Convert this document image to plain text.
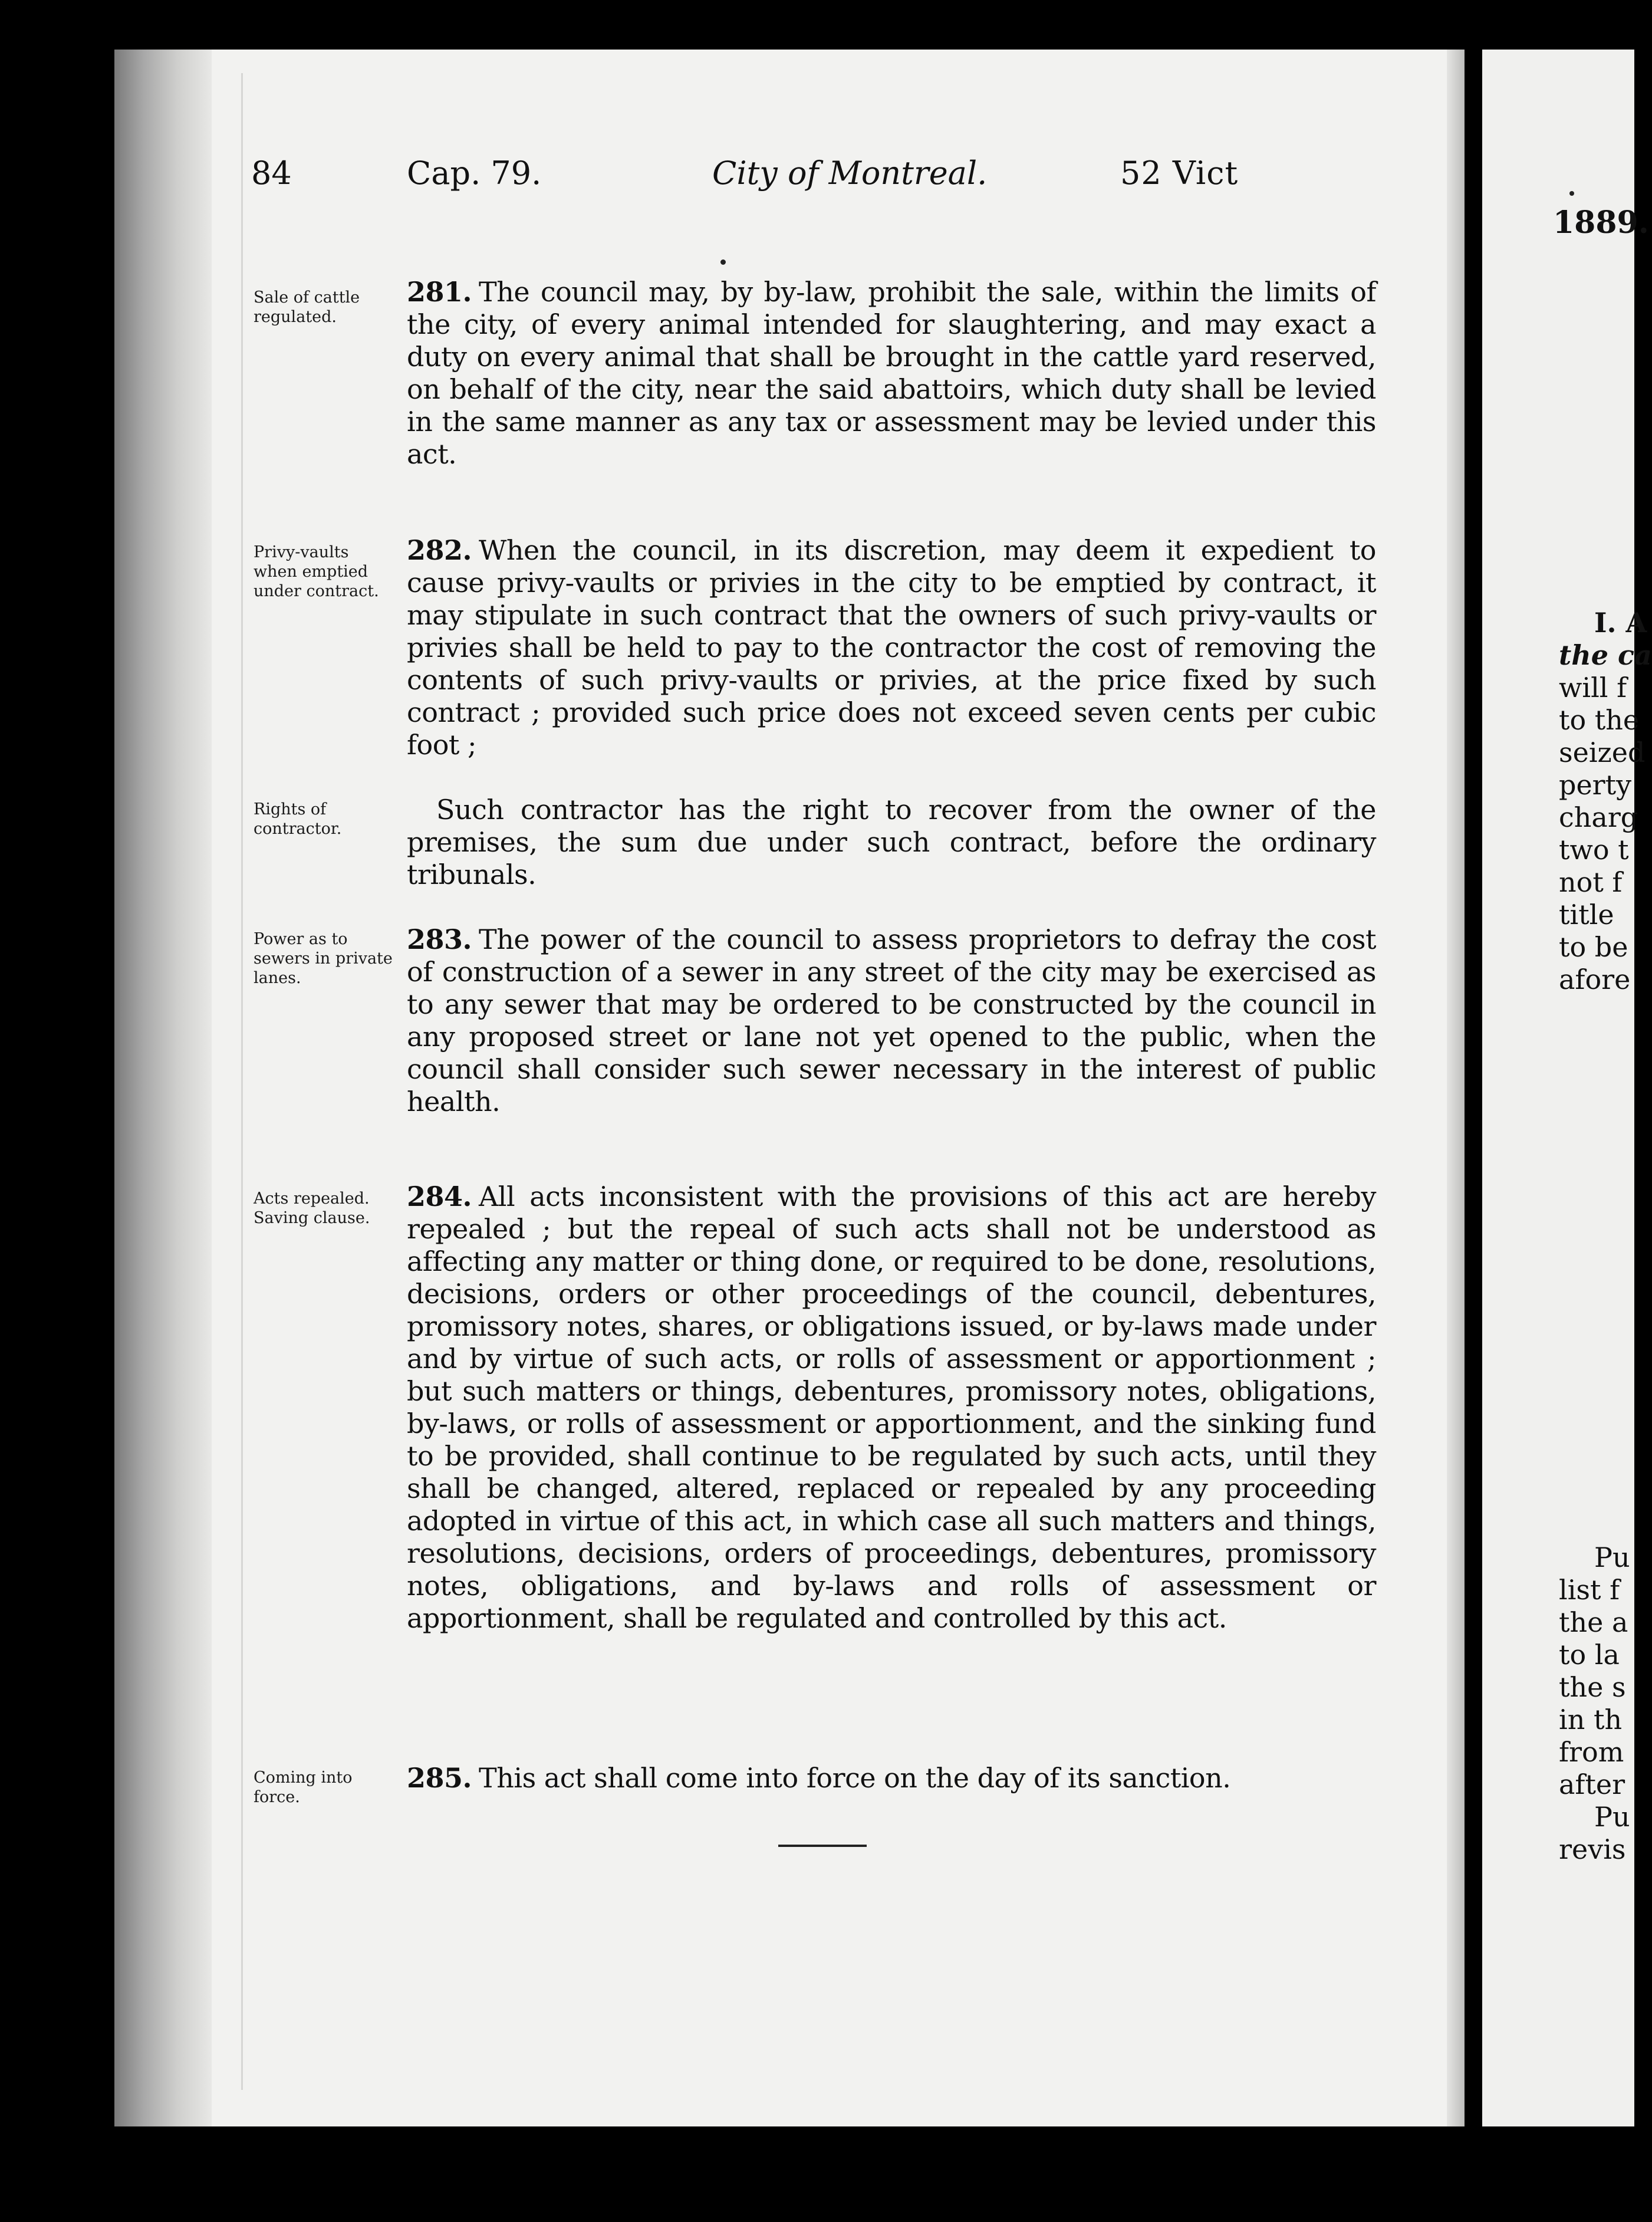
84	Cap. 79.	City of Montreal.	52 Vict

Sale of cattle regulated.

281. The council may, by by-law, prohibit the sale, within the limits of the city, of every animal intended for slaughtering, and may exact a duty on every animal that shall be brought in the cattle yard reserved, on behalf of the city, near the said abattoirs, which duty shall be levied in the same manner as any tax or assessment may be levied under this act.

Privy-vaults when emptied under contract.

282. When the council, in its discretion, may deem it expedient to cause privy-vaults or privies in the city to be emptied by contract, it may stipulate in such contract that the owners of such privy-vaults or privies shall be held to pay to the contractor the cost of removing the contents of such privy-vaults or privies, at the price fixed by such contract ; provided such price does not exceed seven cents per cubic foot ;

Rights of contractor.

Such contractor has the right to recover from the owner of the premises, the sum due under such contract, before the ordinary tribunals.

Power as to sewers in private lanes.

283. The power of the council to assess proprietors to defray the cost of construction of a sewer in any street of the city may be exercised as to any sewer that may be ordered to be constructed by the council in any proposed street or lane not yet opened to the public, when the council shall consider such sewer necessary in the interest of public health.

Acts repealed. Saving clause.

284. All acts inconsistent with the provisions of this act are hereby repealed ; but the repeal of such acts shall not be understood as affecting any matter or thing done, or required to be done, resolutions, decisions, orders or other proceedings of the council, debentures, promissory notes, shares, or obligations issued, or by-laws made under and by virtue of such acts, or rolls of assessment or apportionment ; but such matters or things, debentures, promissory notes, obligations, by-laws, or rolls of assessment or apportionment, and the sinking fund to be provided, shall continue to be regulated by such acts, until they shall be changed, altered, replaced or repealed by any proceeding adopted in virtue of this act, in which case all such matters and things, resolutions, decisions, orders of proceedings, debentures, promissory notes, obligations, and by-laws and rolls of assessment or apportionment, shall be regulated and controlled by this act.

Coming into force.

285. This act shall come into force on the day of its sanction.

1889.

I. A

the ca

will f

to the

seized

perty

charg

two t

not f

title

to be

afore

Pu

list f

the a

to la

the s

in th

from

after

Pu

revis
